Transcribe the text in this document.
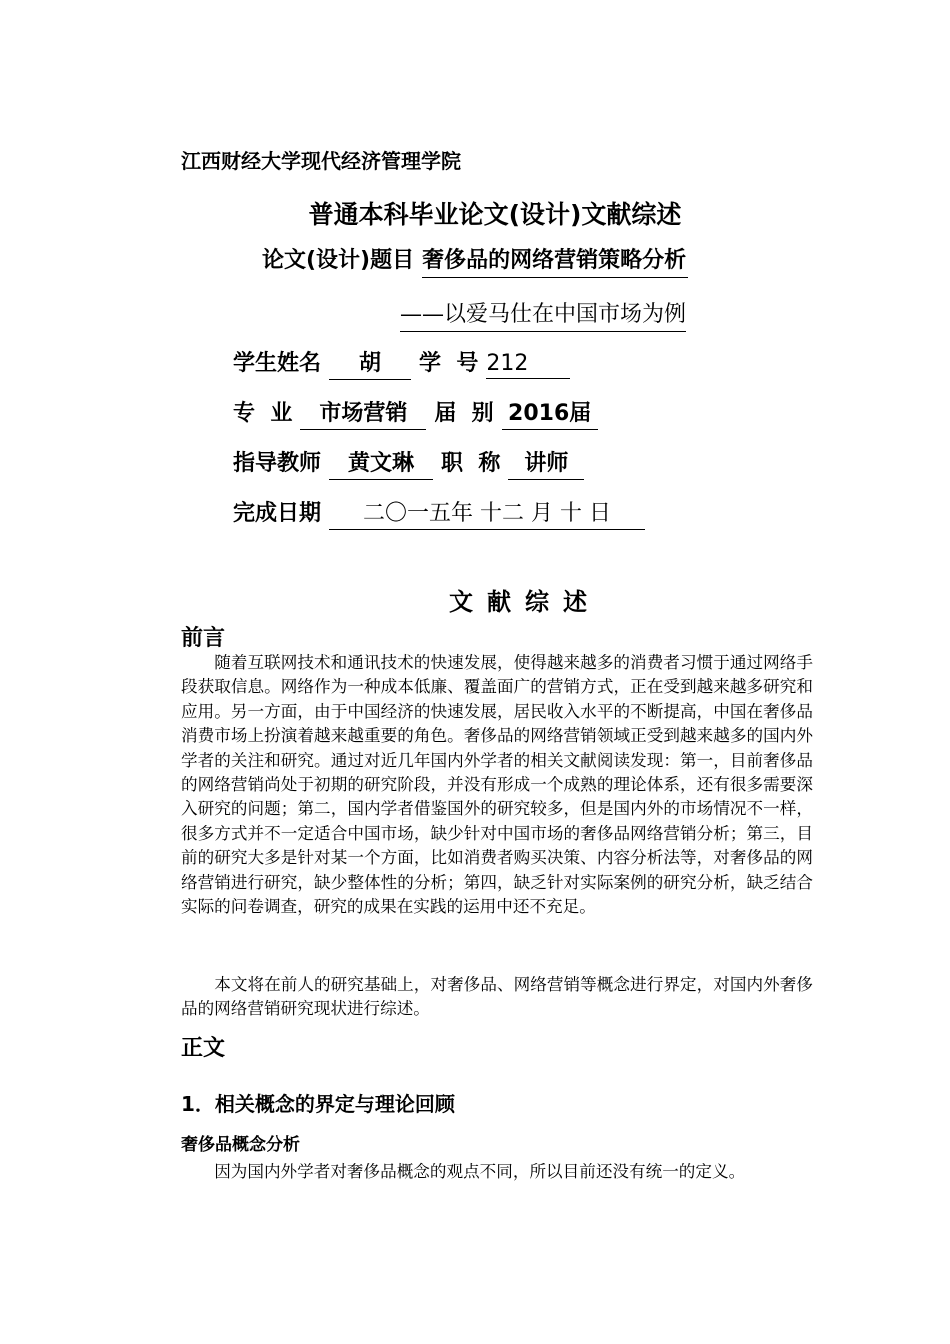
江西财经大学现代经济管理学院
普通本科毕业论文(设计)文献综述
论文(设计)题目 奢侈品的网络营销策略分析
——以爱马仕在中国市场为例
学生姓名	胡	学  号 212
专  业	市场营销	届  别 2016届
指导教师	黄文琳	职  称	讲师
完成日期	二〇一五年 十二 月 十 日
文献综述
前言

随着互联网技术和通讯技术的快速发展，使得越来越多的消费者习惯于通过网络手段获取信息。网络作为一种成本低廉、覆盖面广的营销方式，正在受到越来越多研究和应用。另一方面，由于中国经济的快速发展，居民收入水平的不断提高，中国在奢侈品消费市场上扮演着越来越重要的角色。奢侈品的网络营销领域正受到越来越多的国内外学者的关注和研究。通过对近几年国内外学者的相关文献阅读发现：第一，目前奢侈品的网络营销尚处于初期的研究阶段，并没有形成一个成熟的理论体系，还有很多需要深入研究的问题；第二，国内学者借鉴国外的研究较多，但是国内外的市场情况不一样，很多方式并不一定适合中国市场，缺少针对中国市场的奢侈品网络营销分析；第三，目前的研究大多是针对某一个方面，比如消费者购买决策、内容分析法等，对奢侈品的网络营销进行研究，缺少整体性的分析；第四，缺乏针对实际案例的研究分析，缺乏结合实际的问卷调查，研究的成果在实践的运用中还不充足。

本文将在前人的研究基础上，对奢侈品、网络营销等概念进行界定，对国内外奢侈品的网络营销研究现状进行综述。

正文
1．相关概念的界定与理论回顾
奢侈品概念分析

因为国内外学者对奢侈品概念的观点不同，所以目前还没有统一的定义。
